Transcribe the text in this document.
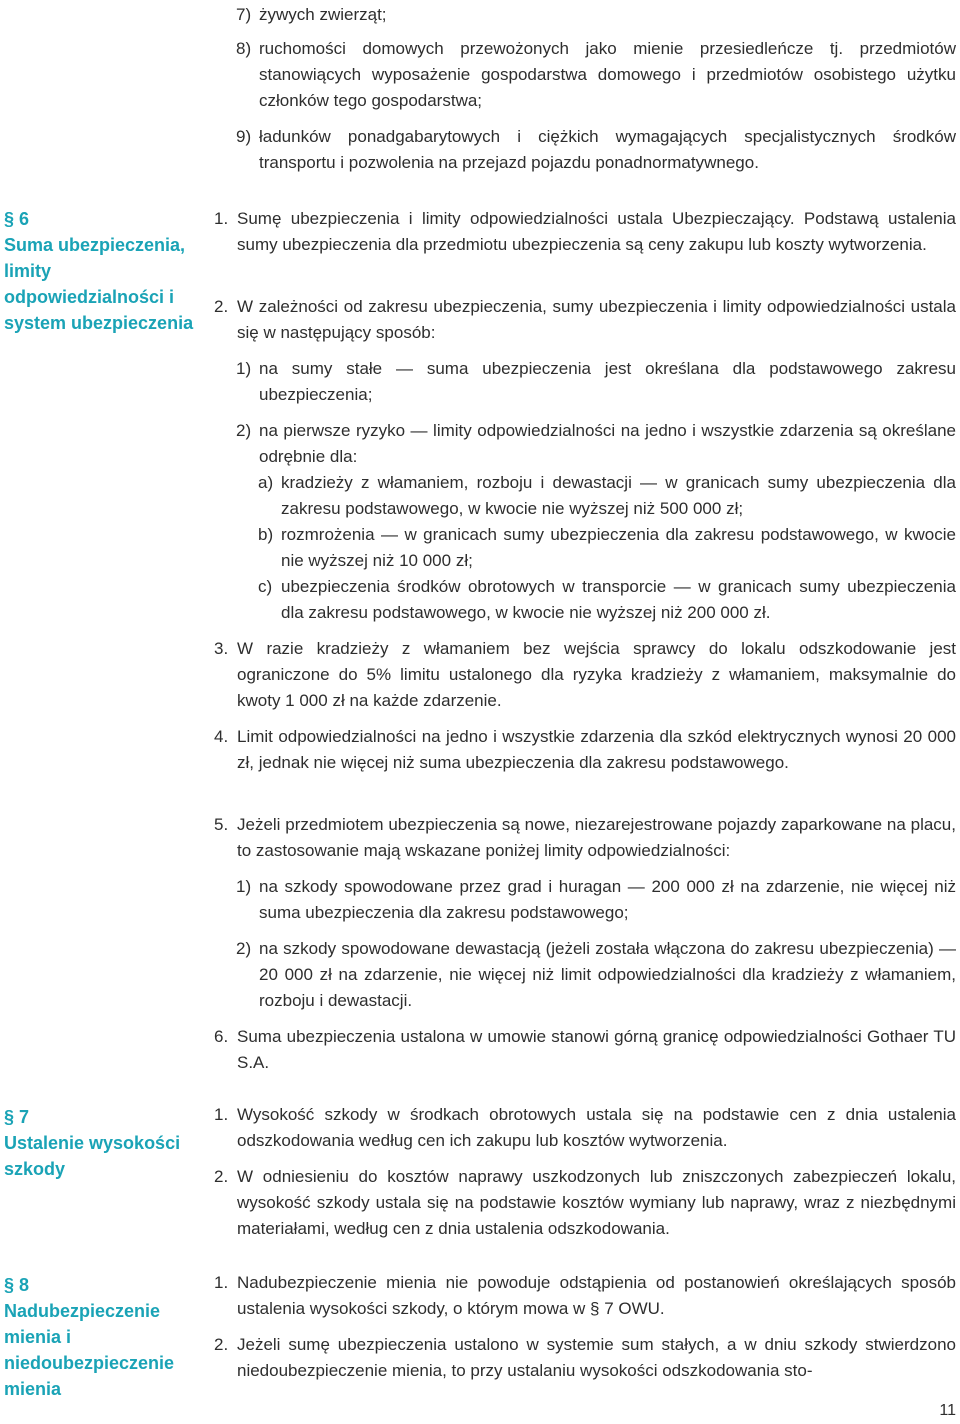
7) żywych zwierząt;
8) ruchomości domowych przewożonych jako mienie przesiedleńcze tj. przedmiotów stanowiących wyposażenie gospodarstwa domowego i przedmiotów osobistego użytku członków tego gospodarstwa;
9) ładunków ponadgabarytowych i ciężkich wymagających specjalistycznych środków transportu i pozwolenia na przejazd pojazdu ponadnormatywnego.
§ 6
Suma ubezpieczenia, limity odpowiedzialności i system ubezpieczenia
1. Sumę ubezpieczenia i limity odpowiedzialności ustala Ubezpieczający. Podstawą ustalenia sumy ubezpieczenia dla przedmiotu ubezpieczenia są ceny zakupu lub koszty wytworzenia.
2. W zależności od zakresu ubezpieczenia, sumy ubezpieczenia i limity odpowiedzialności ustala się w następujący sposób:
1) na sumy stałe — suma ubezpieczenia jest określana dla podstawowego zakresu ubezpieczenia;
2) na pierwsze ryzyko — limity odpowiedzialności na jedno i wszystkie zdarzenia są określane odrębnie dla:
a) kradzieży z włamaniem, rozboju i dewastacji — w granicach sumy ubezpieczenia dla zakresu podstawowego, w kwocie nie wyższej niż 500 000 zł;
b) rozmrożenia — w granicach sumy ubezpieczenia dla zakresu podstawowego, w kwocie nie wyższej niż 10 000 zł;
c) ubezpieczenia środków obrotowych w transporcie — w granicach sumy ubezpieczenia dla zakresu podstawowego, w kwocie nie wyższej niż 200 000 zł.
3. W razie kradzieży z włamaniem bez wejścia sprawcy do lokalu odszkodowanie jest ograniczone do 5% limitu ustalonego dla ryzyka kradzieży z włamaniem, maksymalnie do kwoty 1 000 zł na każde zdarzenie.
4. Limit odpowiedzialności na jedno i wszystkie zdarzenia dla szkód elektrycznych wynosi 20 000 zł, jednak nie więcej niż suma ubezpieczenia dla zakresu podstawowego.
5. Jeżeli przedmiotem ubezpieczenia są nowe, niezarejestrowane pojazdy zaparkowane na placu, to zastosowanie mają wskazane poniżej limity odpowiedzialności:
1) na szkody spowodowane przez grad i huragan — 200 000 zł na zdarzenie, nie więcej niż suma ubezpieczenia dla zakresu podstawowego;
2) na szkody spowodowane dewastacją (jeżeli została włączona do zakresu ubezpieczenia) — 20 000 zł na zdarzenie, nie więcej niż limit odpowiedzialności dla kradzieży z włamaniem, rozboju i dewastacji.
6. Suma ubezpieczenia ustalona w umowie stanowi górną granicę odpowiedzialności Gothaer TU S.A.
§ 7
Ustalenie wysokości szkody
1. Wysokość szkody w środkach obrotowych ustala się na podstawie cen z dnia ustalenia odszkodowania według cen ich zakupu lub kosztów wytworzenia.
2. W odniesieniu do kosztów naprawy uszkodzonych lub zniszczonych zabezpieczeń lokalu, wysokość szkody ustala się na podstawie kosztów wymiany lub naprawy, wraz z niezbędnymi materiałami, według cen z dnia ustalenia odszkodowania.
§ 8
Nadubezpieczenie mienia i niedoubezpieczenie mienia
1. Nadubezpieczenie mienia nie powoduje odstąpienia od postanowień określających sposób ustalenia wysokości szkody, o którym mowa w § 7 OWU.
2. Jeżeli sumę ubezpieczenia ustalono w systemie sum stałych, a w dniu szkody stwierdzono niedoubezpieczenie mienia, to przy ustalaniu wysokości odszkodowania sto-
11
